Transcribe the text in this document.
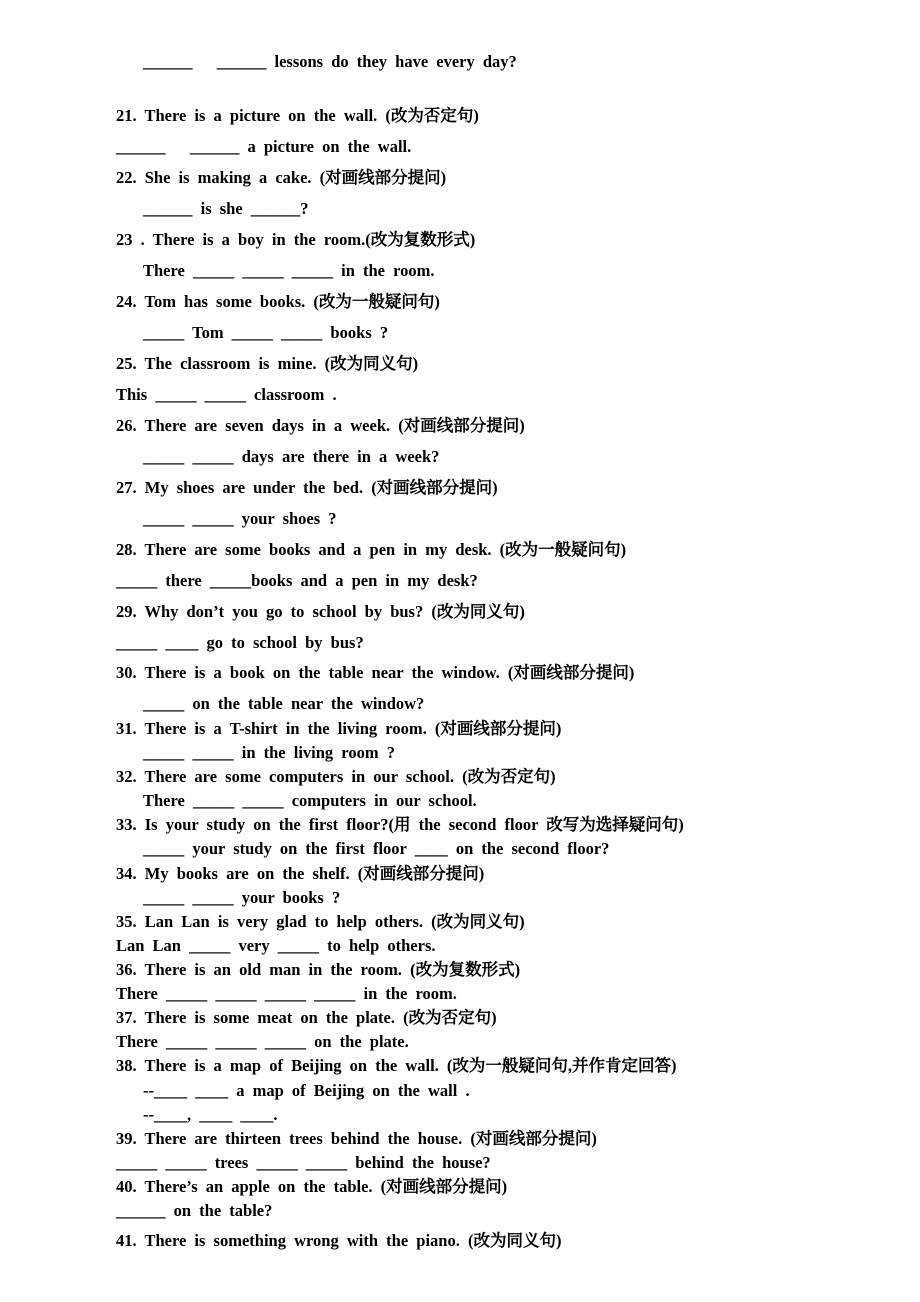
______   ______ lessons do they have every day?
21. There is a picture on the wall. (改为否定句)
______   ______ a picture on the wall.
22. She is making a cake. (对画线部分提问)
______ is she ______?
23 . There is a boy in the room.(改为复数形式)
There _____ _____ _____ in the room.
24. Tom has some books. (改为一般疑问句)
_____ Tom _____ _____ books ?
25. The classroom is mine. (改为同义句)
This _____ _____ classroom .
26. There are seven days in a week. (对画线部分提问)
_____ _____ days are there in a week?
27. My shoes are under the bed. (对画线部分提问)
_____ _____ your shoes ?
28. There are some books and a pen in my desk. (改为一般疑问句)
_____ there _____books and a pen in my desk?
29. Why don’t you go to school by bus? (改为同义句)
_____ ____ go to school by bus?
30. There is a book on the table near the window. (对画线部分提问)
_____ on the table near the window?
31. There is a T-shirt in the living room. (对画线部分提问)
_____ _____ in the living room ?
32. There are some computers in our school. (改为否定句)
There _____ _____ computers in our school.
33. Is your study on the first floor?(用 the second floor 改写为选择疑问句)
_____ your study on the first floor ____ on the second floor?
34. My books are on the shelf. (对画线部分提问)
_____ _____ your books ?
35. Lan Lan is very glad to help others. (改为同义句)
Lan Lan _____ very _____ to help others.
36. There is an old man in the room. (改为复数形式)
There _____ _____ _____ _____ in the room.
37. There is some meat on the plate. (改为否定句)
There _____ _____ _____ on the plate.
38. There is a map of Beijing on the wall. (改为一般疑问句,并作肯定回答)
--____ ____ a map of Beijing on the wall .
--____, ____ ____.
39. There are thirteen trees behind the house. (对画线部分提问)
_____ _____ trees _____ _____ behind the house?
40. There’s an apple on the table. (对画线部分提问)
______ on the table?
41. There is something wrong with the piano. (改为同义句)
